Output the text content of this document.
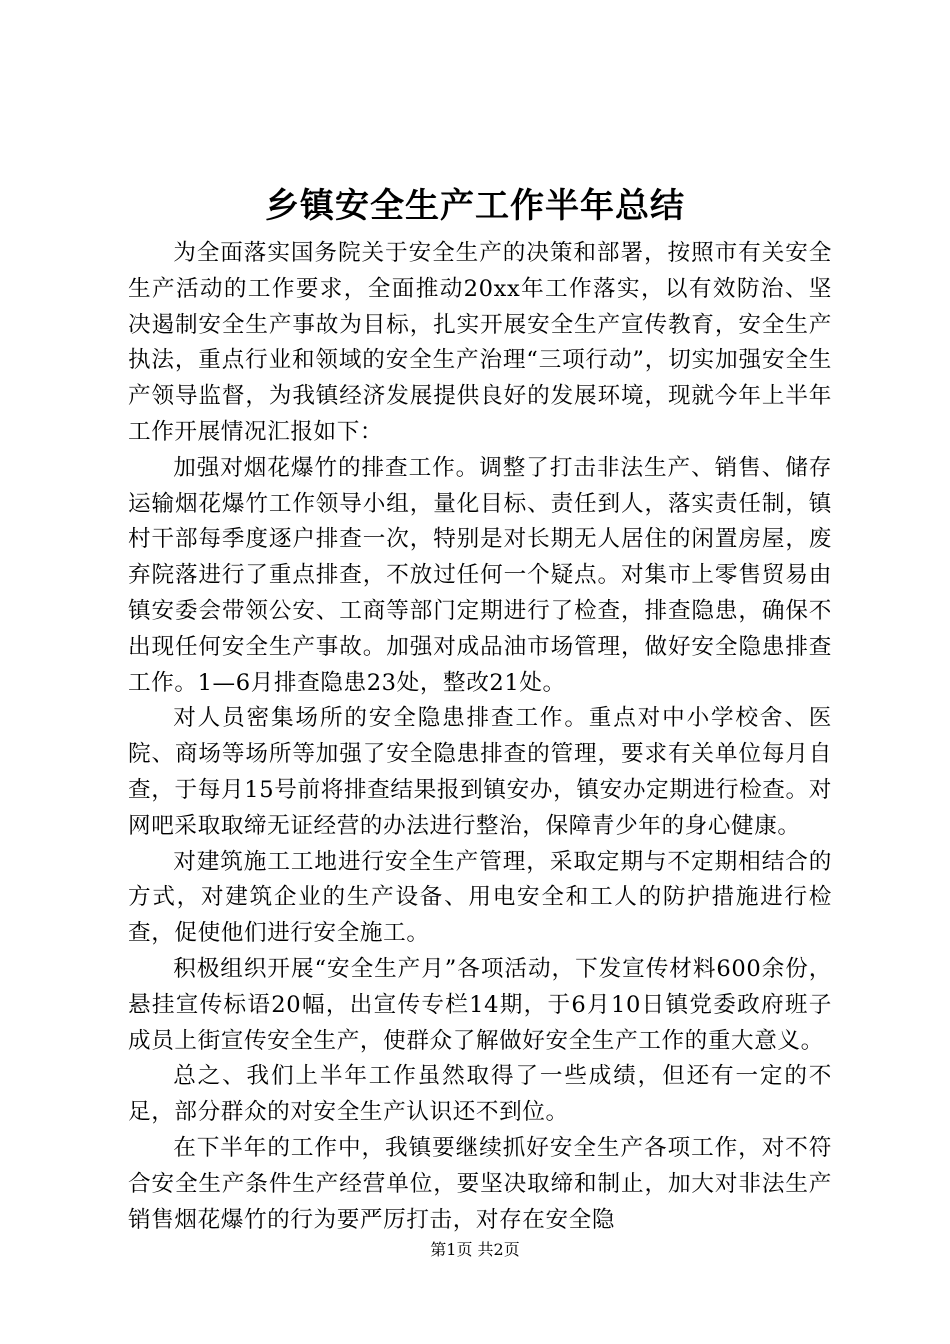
乡镇安全生产工作半年总结

为全面落实国务院关于安全生产的决策和部署，按照市有关安全生产活动的工作要求，全面推动20xx年工作落实，以有效防治、坚决遏制安全生产事故为目标，扎实开展安全生产宣传教育，安全生产执法，重点行业和领域的安全生产治理“三项行动”，切实加强安全生产领导监督，为我镇经济发展提供良好的发展环境，现就今年上半年工作开展情况汇报如下：

加强对烟花爆竹的排查工作。调整了打击非法生产、销售、储存运输烟花爆竹工作领导小组，量化目标、责任到人，落实责任制，镇村干部每季度逐户排查一次，特别是对长期无人居住的闲置房屋，废弃院落进行了重点排查，不放过任何一个疑点。对集市上零售贸易由镇安委会带领公安、工商等部门定期进行了检查，排查隐患，确保不出现任何安全生产事故。加强对成品油市场管理，做好安全隐患排查工作。1—6月排查隐患23处，整改21处。

对人员密集场所的安全隐患排查工作。重点对中小学校舍、医院、商场等场所等加强了安全隐患排查的管理，要求有关单位每月自查，于每月15号前将排查结果报到镇安办，镇安办定期进行检查。对网吧采取取缔无证经营的办法进行整治，保障青少年的身心健康。

对建筑施工工地进行安全生产管理，采取定期与不定期相结合的方式，对建筑企业的生产设备、用电安全和工人的防护措施进行检查，促使他们进行安全施工。

积极组织开展“安全生产月”各项活动，下发宣传材料600余份，悬挂宣传标语20幅，出宣传专栏14期，于6月10日镇党委政府班子成员上街宣传安全生产，使群众了解做好安全生产工作的重大意义。

总之、我们上半年工作虽然取得了一些成绩，但还有一定的不足，部分群众的对安全生产认识还不到位。

在下半年的工作中，我镇要继续抓好安全生产各项工作，对不符合安全生产条件生产经营单位，要坚决取缔和制止，加大对非法生产销售烟花爆竹的行为要严厉打击，对存在安全隐

第1页 共2页
